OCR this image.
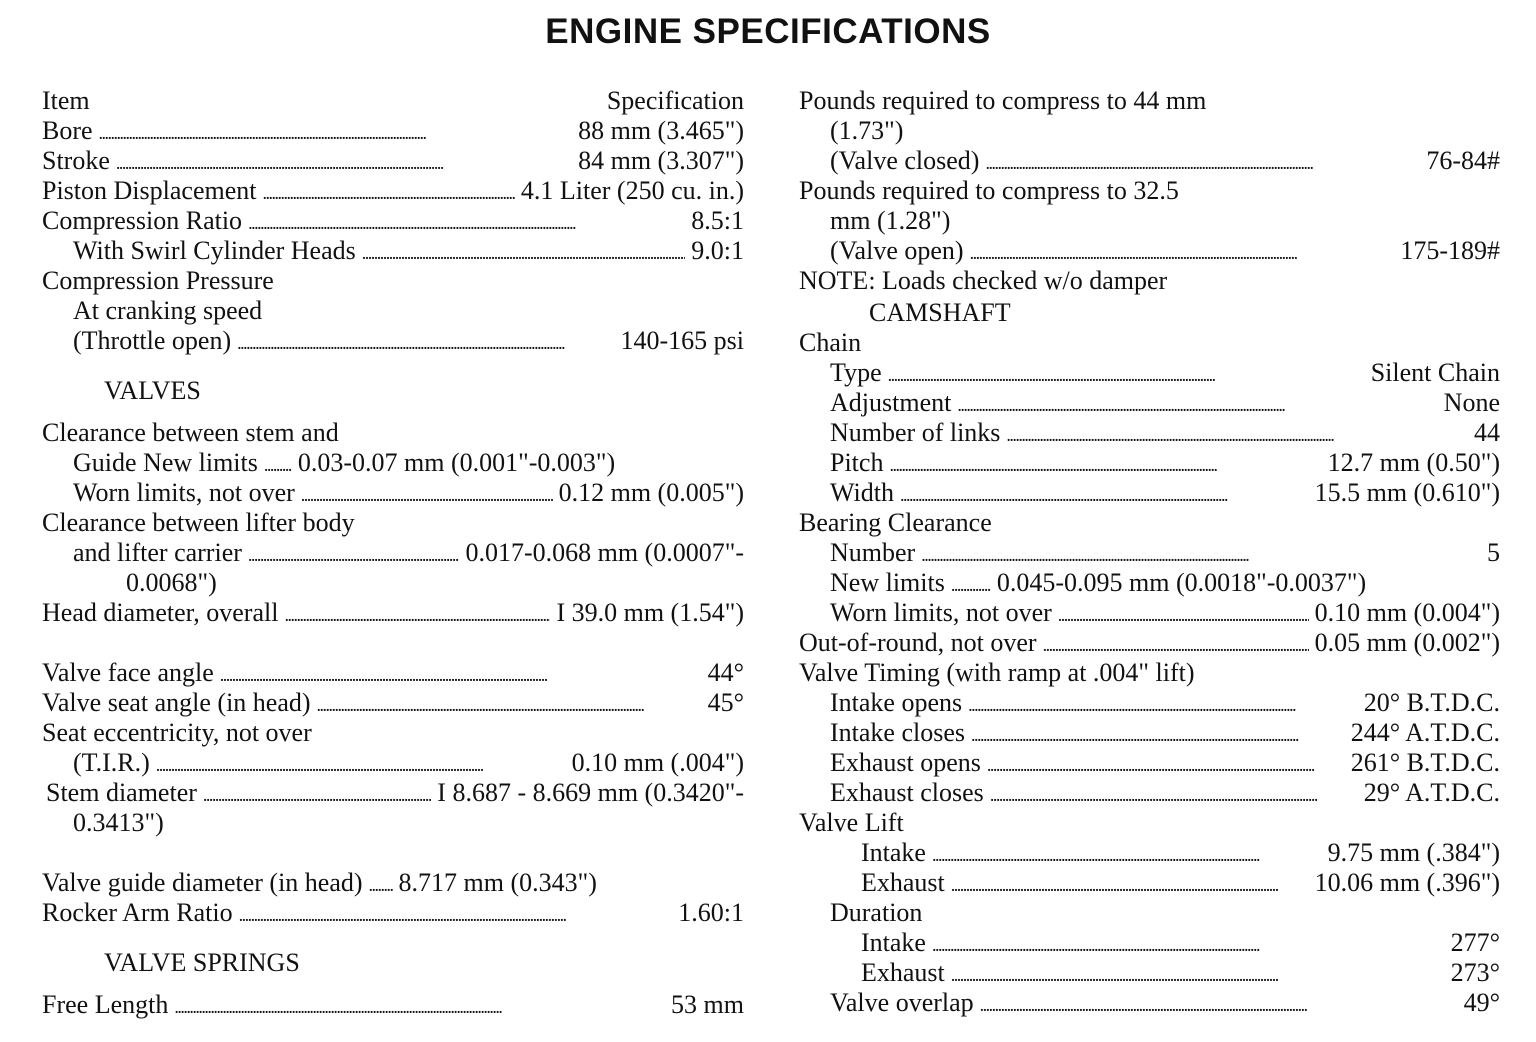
ENGINE SPECIFICATIONS
Item	Specification
Bore . . .	88 mm (3.465")
Stroke . . .	84 mm (3.307")
Piston Displacement . . .	4.1 Liter (250 cu. in.)
Compression Ratio . . .	8.5:1
With Swirl Cylinder Heads . . .	9.0:1
Compression Pressure
At cranking speed
(Throttle open) . . .	140-165 psi
VALVES
Clearance between stem and
Guide New limits . . . 0.03-0.07 mm (0.001"-0.003")
Worn limits, not over . . .	0.12 mm (0.005")
Clearance between lifter body
and lifter carrier . . .	0.017-0.068 mm (0.0007"-
0.0068")
Head diameter, overall . . .	I 39.0 mm (1.54")
Valve face angle . . .	44°
Valve seat angle (in head) . . .	45°
Seat eccentricity, not over
(T.I.R.) . . .	0.10 mm (.004")
Stem diameter . . .	I 8.687 - 8.669 mm (0.3420"-
0.3413")
Valve guide diameter (in head) . . . 8.717 mm (0.343")
Rocker Arm Ratio . . .	1.60:1
VALVE SPRINGS
Free Length . . .	53 mm
Pounds required to compress to 44 mm
(1.73")
(Valve closed) . . .	76-84#
Pounds required to compress to 32.5
mm (1.28")
(Valve open) . . .	175-189#
NOTE: Loads checked w/o damper
CAMSHAFT
Chain
Type . . .	Silent Chain
Adjustment . . .	None
Number of links . . .	44
Pitch . . .	12.7 mm (0.50")
Width . . .	15.5 mm (0.610")
Bearing Clearance
Number . . .	5
New limits . . . 0.045-0.095 mm (0.0018"-0.0037")
Worn limits, not over . . .	0.10 mm (0.004")
Out-of-round, not over . . .	0.05 mm (0.002")
Valve Timing (with ramp at .004" lift)
Intake opens . . .	20° B.T.D.C.
Intake closes . . .	244° A.T.D.C.
Exhaust opens . . .	261° B.T.D.C.
Exhaust closes . . .	29° A.T.D.C.
Valve Lift
Intake . . .	9.75 mm (.384")
Exhaust . . .	10.06 mm (.396")
Duration
Intake . . .	277°
Exhaust . . .	273°
Valve overlap . . .	49°
